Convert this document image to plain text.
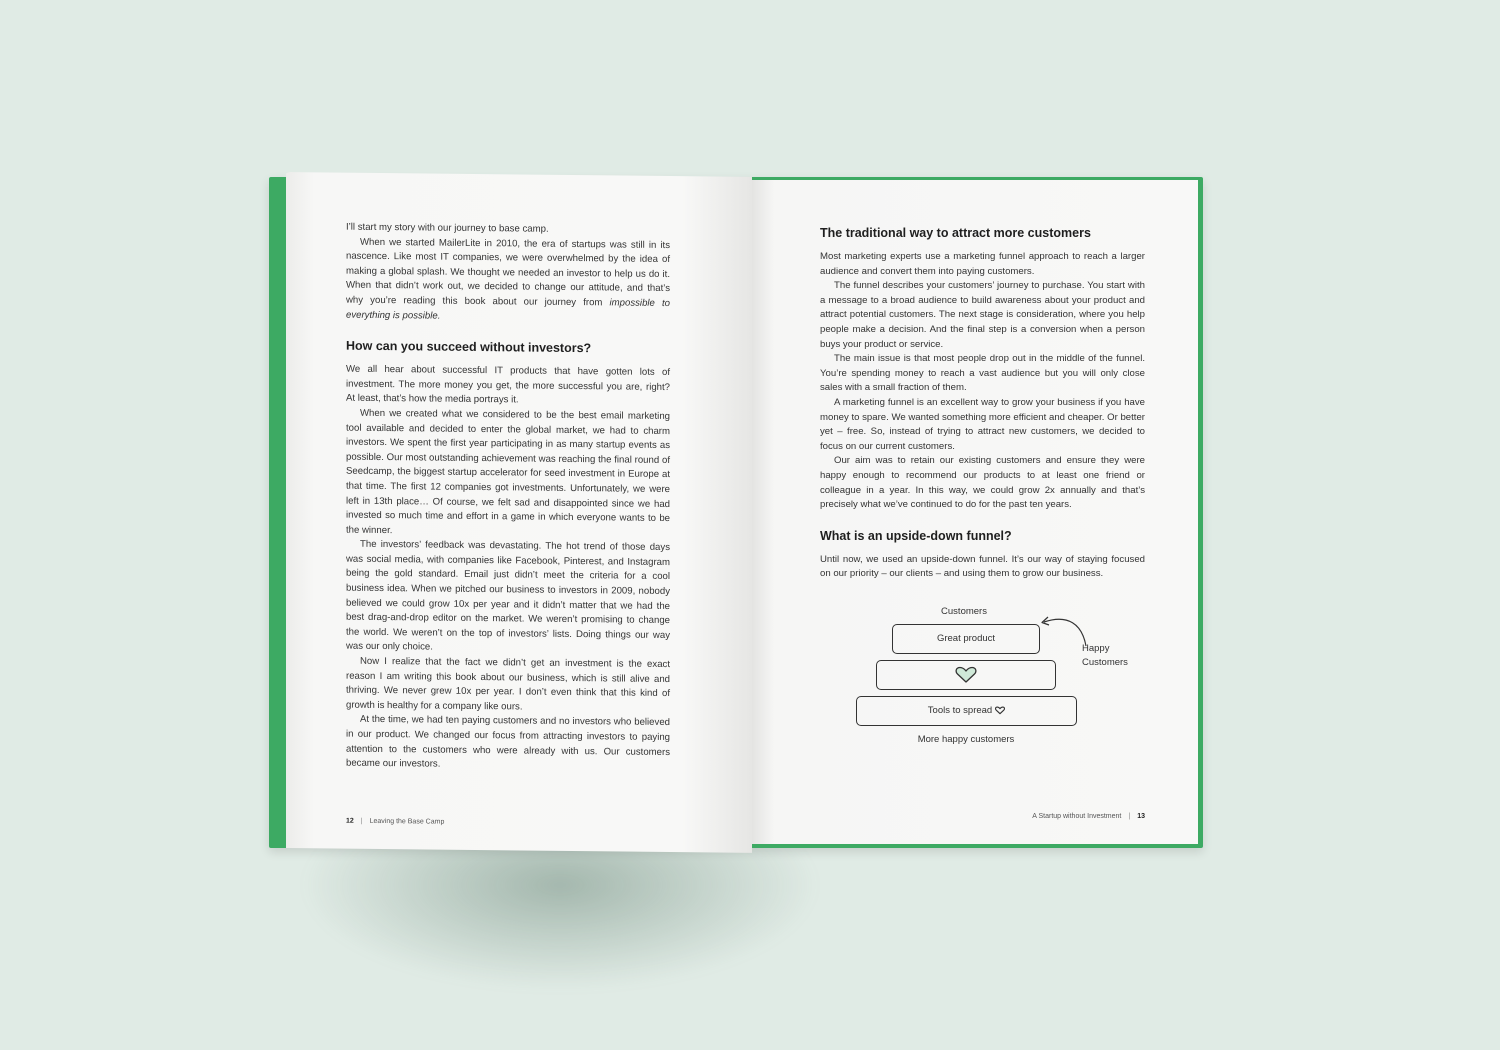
I’ll start my story with our journey to base camp.

When we started MailerLite in 2010, the era of startups was still in its nascence. Like most IT companies, we were overwhelmed by the idea of making a global splash. We thought we needed an investor to help us do it. When that didn’t work out, we decided to change our attitude, and that’s why you’re reading this book about our journey from impossible to everything is possible.

How can you succeed without investors?

We all hear about successful IT products that have gotten lots of investment. The more money you get, the more successful you are, right? At least, that’s how the media portrays it.

When we created what we considered to be the best email marketing tool available and decided to enter the global market, we had to charm investors. We spent the first year participating in as many startup events as possible. Our most outstanding achievement was reaching the final round of Seedcamp, the biggest startup accelerator for seed investment in Europe at that time. The first 12 companies got investments. Unfortunately, we were left in 13th place… Of course, we felt sad and disappointed since we had invested so much time and effort in a game in which everyone wants to be the winner.

The investors’ feedback was devastating. The hot trend of those days was social media, with companies like Facebook, Pinterest, and Instagram being the gold standard. Email just didn’t meet the criteria for a cool business idea. When we pitched our business to investors in 2009, nobody believed we could grow 10x per year and it didn’t matter that we had the best drag-and-drop editor on the market. We weren’t promising to change the world. We weren’t on the top of investors’ lists. Doing things our way was our only choice.

Now I realize that the fact we didn’t get an investment is the exact reason I am writing this book about our business, which is still alive and thriving. We never grew 10x per year. I don’t even think that this kind of growth is healthy for a company like ours.

At the time, we had ten paying customers and no investors who believed in our product. We changed our focus from attracting investors to paying attention to the customers who were already with us. Our customers became our investors.

12 | Leaving the Base Camp
The traditional way to attract more customers

Most marketing experts use a marketing funnel approach to reach a larger audience and convert them into paying customers.

The funnel describes your customers’ journey to purchase. You start with a message to a broad audience to build awareness about your product and attract potential customers. The next stage is consideration, where you help people make a decision. And the final step is a conversion when a person buys your product or service.

The main issue is that most people drop out in the middle of the funnel. You’re spending money to reach a vast audience but you will only close sales with a small fraction of them.

A marketing funnel is an excellent way to grow your business if you have money to spare. We wanted something more efficient and cheaper. Or better yet – free. So, instead of trying to attract new customers, we decided to focus on our current customers.

Our aim was to retain our existing customers and ensure they were happy enough to recommend our products to at least one friend or colleague in a year. In this way, we could grow 2x annually and that’s precisely what we’ve continued to do for the past ten years.

What is an upside-down funnel?

Until now, we used an upside-down funnel. It’s our way of staying focused on our priority – our clients – and using them to grow our business.

Customers
Great product
Tools to spread
More happy customers
Happy
Customers
A Startup without Investment | 13
